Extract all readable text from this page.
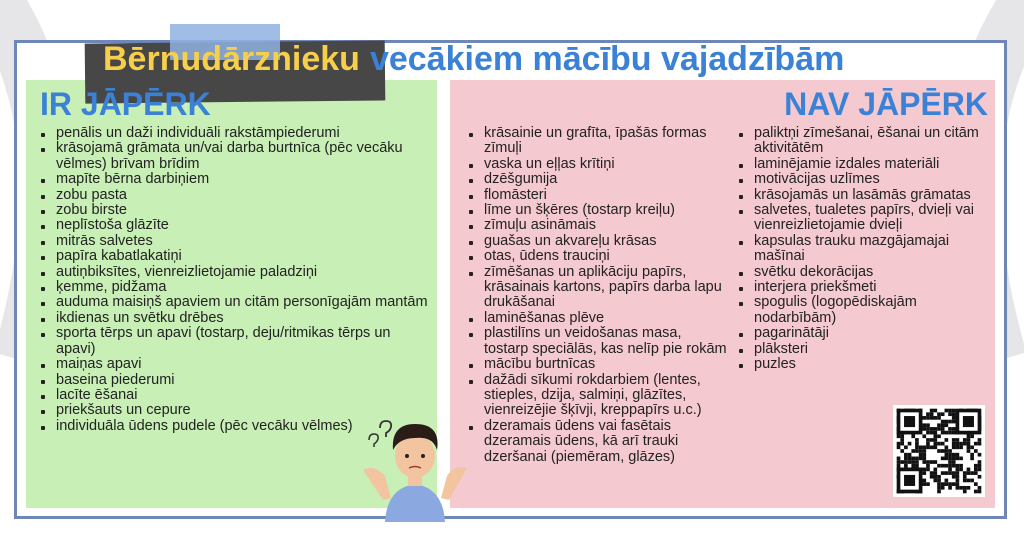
Bērnudārznieku vecākiem mācību vajadzībām
IR JĀPĒRK	NAV JĀPĒRK
penālis un daži individuāli rakstāmpiederumi
krāsojamā grāmata un/vai darba burtnīca (pēc vecāku vēlmes) brīvam brīdim
mapīte bērna darbiņiem
zobu pasta
zobu birste
neplīstoša glāzīte
mitrās salvetes
papīra kabatlakatiņi
autiņbiksītes, vienreizlietojamie paladziņi
ķemme, pidžama
auduma maisiņš apaviem un citām personīgajām mantām
ikdienas un svētku drēbes
sporta tērps un apavi (tostarp, deju/ritmikas tērps un apavi)
maiņas apavi
baseina piederumi
lacīte ēšanai
priekšauts un cepure
individuāla ūdens pudele (pēc vecāku vēlmes)
krāsainie un grafīta, īpašās formas zīmuļi
vaska un eļļas krītiņi
dzēšgumija
flomāsteri
līme un šķēres (tostarp kreiļu)
zīmuļu asināmais
guašas un akvareļu krāsas
otas, ūdens trauciņi
zīmēšanas un aplikāciju papīrs, krāsainais kartons, papīrs darba lapu drukāšanai
laminēšanas plēve
plastilīns un veidošanas masa, tostarp speciālās, kas nelīp pie rokām
mācību burtnīcas
dažādi sīkumi rokdarbiem (lentes, stieples, dzija, salmiņi, glāzītes, vienreizējie šķīvji, kreppapīrs u.c.)
dzeramais ūdens vai fasētais dzeramais ūdens, kā arī trauki dzeršanai (piemēram, glāzes)
paliktņi zīmešanai, ēšanai un citām aktivitātēm
laminējamie izdales materiāli
motivācijas uzlīmes
krāsojamās un lasāmās grāmatas
salvetes, tualetes papīrs, dvieļi vai vienreizlietojamie dvieļi
kapsulas trauku mazgājamajai mašīnai
svētku dekorācijas
interjera priekšmeti
spogulis (logopēdiskajām nodarbībām)
pagarinātāji
plāksteri
puzles
